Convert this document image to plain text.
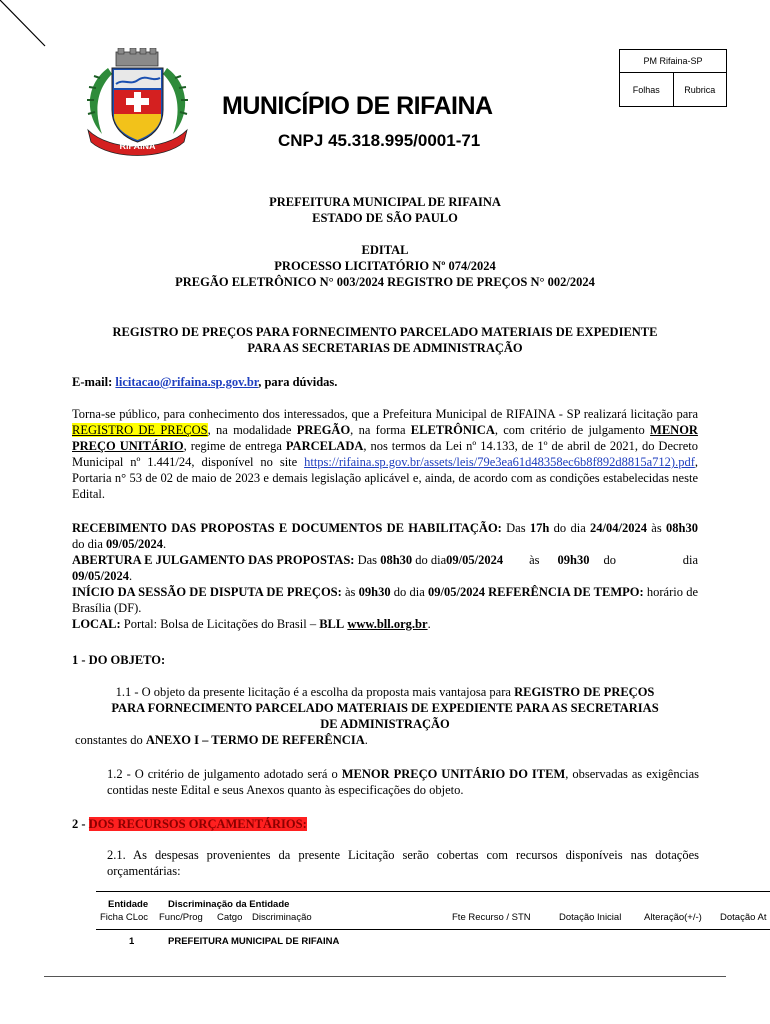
RIFAINA
PM Rifaina-SP
Folhas	Rubrica
MUNICÍPIO DE RIFAINA
CNPJ 45.318.995/0001-71
PREFEITURA MUNICIPAL DE RIFAINA
ESTADO DE SÃO PAULO
EDITAL
PROCESSO LICITATÓRIO Nº 074/2024
PREGÃO ELETRÔNICO N° 003/2024 REGISTRO DE PREÇOS N° 002/2024
REGISTRO DE PREÇOS PARA FORNECIMENTO PARCELADO MATERIAIS DE EXPEDIENTE
PARA AS SECRETARIAS DE ADMINISTRAÇÃO
E-mail: licitacao@rifaina.sp.gov.br, para dúvidas.
Torna-se público, para conhecimento dos interessados, que a Prefeitura Municipal de RIFAINA - SP realizará licitação para REGISTRO DE PREÇOS, na modalidade PREGÃO, na forma ELETRÔNICA, com critério de julgamento MENOR PREÇO UNITÁRIO, regime de entrega PARCELADA, nos termos da Lei nº 14.133, de 1º de abril de 2021, do Decreto Municipal nº 1.441/24, disponível no site https://rifaina.sp.gov.br/assets/leis/79e3ea61d48358ec6b8f892d8815a712).pdf, Portaria n° 53 de 02 de maio de 2023 e demais legislação aplicável e, ainda, de acordo com as condições estabelecidas neste Edital.
RECEBIMENTO DAS PROPOSTAS E DOCUMENTOS DE HABILITAÇÃO: Das 17h do dia 24/04/2024 às 08h30 do dia 09/05/2024.
ABERTURA E JULGAMENTO DAS PROPOSTAS: Das 08h30 do dia 09/05/2024 às 09h30 do	dia
09/05/2024.
INÍCIO DA SESSÃO DE DISPUTA DE PREÇOS: às 09h30 do dia 09/05/2024 REFERÊNCIA DE TEMPO: horário de Brasília (DF).
LOCAL: Portal: Bolsa de Licitações do Brasil – BLL www.bll.org.br.
1 - DO OBJETO:
1.1 - O objeto da presente licitação é a escolha da proposta mais vantajosa para REGISTRO DE PREÇOS
PARA FORNECIMENTO PARCELADO MATERIAIS DE EXPEDIENTE PARA AS SECRETARIAS
DE ADMINISTRAÇÃO
constantes do ANEXO I – TERMO DE REFERÊNCIA.
1.2 - O critério de julgamento adotado será o MENOR PREÇO UNITÁRIO DO ITEM, observadas as exigências contidas neste Edital e seus Anexos quanto às especificações do objeto.
2 - DOS RECURSOS ORÇAMENTÁRIOS:
2.1. As despesas provenientes da presente Licitação serão cobertas com recursos disponíveis nas dotações orçamentárias:
Entidade Discriminação da Entidade
Ficha CLoc Func/Prog Catgo Discriminação	Fte Recurso / STN	Dotação Inicial Alteração(+/-) Dotação At
1	PREFEITURA MUNICIPAL DE RIFAINA
